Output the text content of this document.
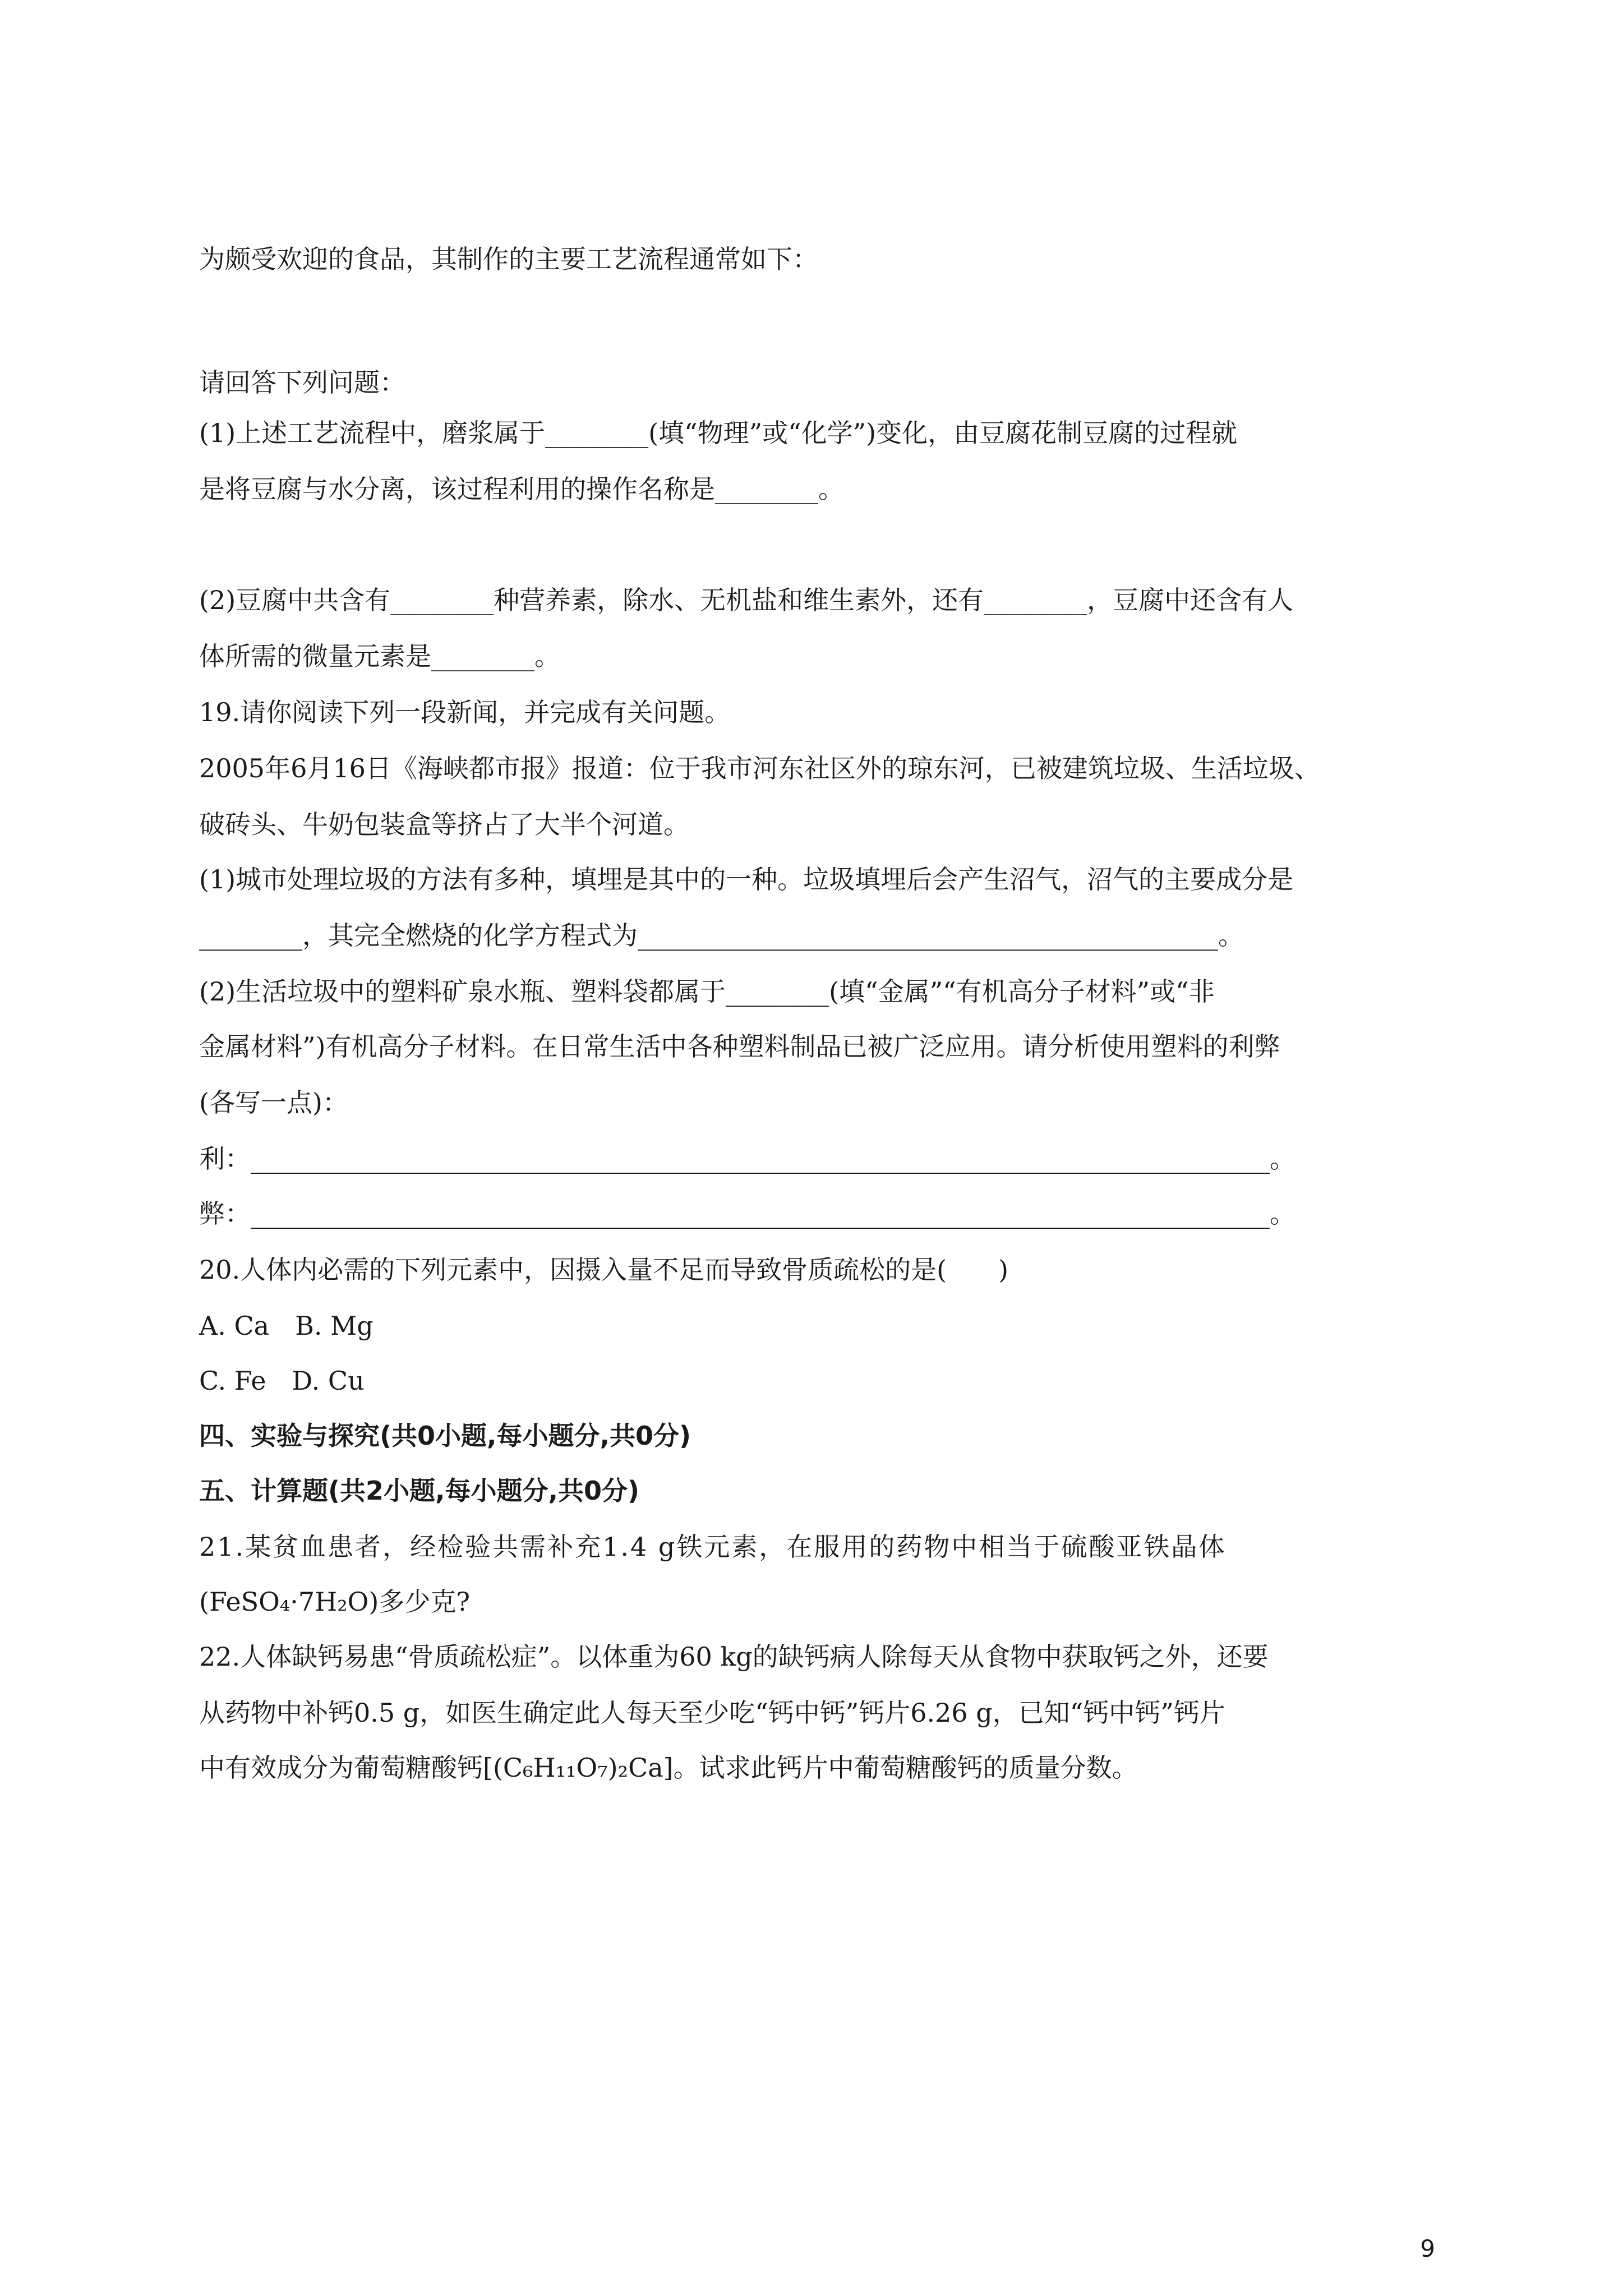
为颇受欢迎的食品，其制作的主要工艺流程通常如下：
请回答下列问题：
(1)上述工艺流程中，磨浆属于________(填“物理”或“化学”)变化，由豆腐花制豆腐的过程就
是将豆腐与水分离，该过程利用的操作名称是________。
(2)豆腐中共含有________种营养素，除水、无机盐和维生素外，还有________，豆腐中还含有人
体所需的微量元素是________。
19.请你阅读下列一段新闻，并完成有关问题。
2005年6月16日《海峡都市报》报道：位于我市河东社区外的琼东河，已被建筑垃圾、生活垃圾、
破砖头、牛奶包装盒等挤占了大半个河道。
(1)城市处理垃圾的方法有多种，填埋是其中的一种。垃圾填埋后会产生沼气，沼气的主要成分是
________，其完全燃烧的化学方程式为_____________________________________________。
(2)生活垃圾中的塑料矿泉水瓶、塑料袋都属于________(填“金属”“有机高分子材料”或“非
金属材料”)有机高分子材料。在日常生活中各种塑料制品已被广泛应用。请分析使用塑料的利弊
(各写一点)：
利：_______________________________________________________________________________。
弊：_______________________________________________________________________________。
20.人体内必需的下列元素中，因摄入量不足而导致骨质疏松的是(　　)
A. Ca　B. Mg
C. Fe　D. Cu
四、实验与探究(共0小题,每小题分,共0分)
五、计算题(共2小题,每小题分,共0分)
21.某贫血患者，经检验共需补充1.4 g铁元素，在服用的药物中相当于硫酸亚铁晶体
(FeSO₄·7H₂O)多少克?
22.人体缺钙易患“骨质疏松症”。以体重为60 kg的缺钙病人除每天从食物中获取钙之外，还要
从药物中补钙0.5 g，如医生确定此人每天至少吃“钙中钙”钙片6.26 g，已知“钙中钙”钙片
中有效成分为葡萄糖酸钙[(C₆H₁₁O₇)₂Ca]。试求此钙片中葡萄糖酸钙的质量分数。
9
